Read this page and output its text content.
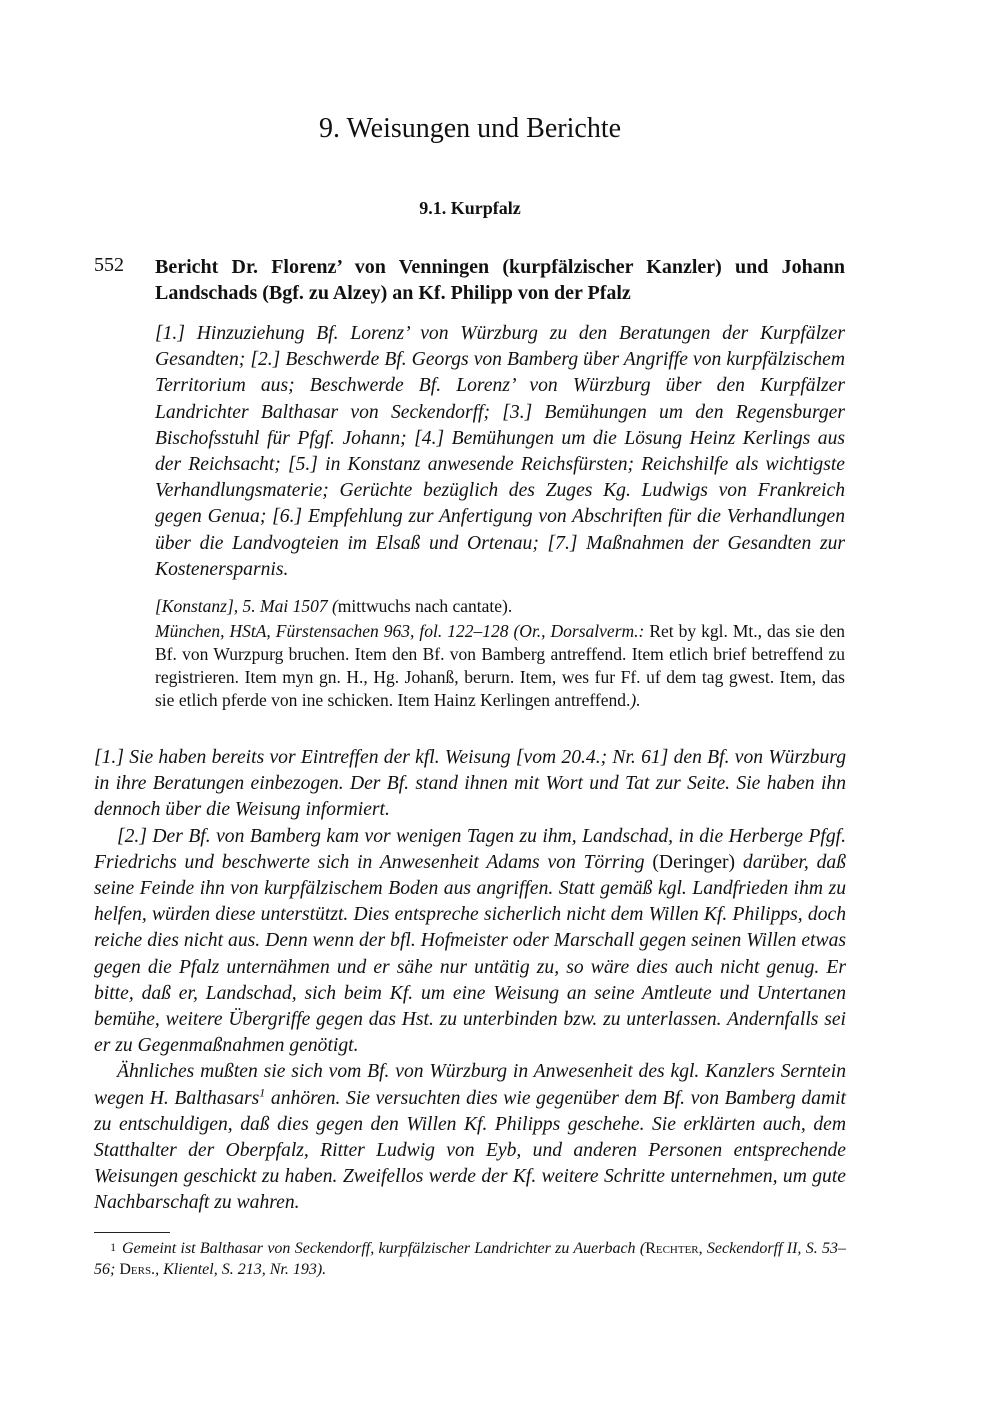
9. Weisungen und Berichte
9.1. Kurpfalz
552 Bericht Dr. Florenz’ von Venningen (kurpfälzischer Kanzler) und Johann Landschads (Bgf. zu Alzey) an Kf. Philipp von der Pfalz

[1.] Hinzuziehung Bf. Lorenz’ von Würzburg zu den Beratungen der Kurpfälzer Gesandten; [2.] Beschwerde Bf. Georgs von Bamberg über Angriffe von kurpfälzischem Territorium aus; Beschwerde Bf. Lorenz’ von Würzburg über den Kurpfälzer Landrichter Balthasar von Seckendorff; [3.] Bemühungen um den Regensburger Bischofsstuhl für Pfgf. Johann; [4.] Bemühungen um die Lösung Heinz Kerlings aus der Reichsacht; [5.] in Konstanz anwesende Reichsfürsten; Reichshilfe als wichtigste Verhandlungsmaterie; Gerüchte bezüglich des Zuges Kg. Ludwigs von Frankreich gegen Genua; [6.] Empfehlung zur Anfertigung von Abschriften für die Verhandlungen über die Landvogteien im Elsaß und Ortenau; [7.] Maßnahmen der Gesandten zur Kostenersparnis.

[Konstanz], 5. Mai 1507 (mittwuchs nach cantate).

München, HStA, Fürstensachen 963, fol. 122–128 (Or., Dorsalverm.: Ret by kgl. Mt., das sie den Bf. von Wurzpurg bruchen. Item den Bf. von Bamberg antreffend. Item etlich brief betreffend zu registrieren. Item myn gn. H., Hg. Johanß, berurn. Item, wes fur Ff. uf dem tag gwest. Item, das sie etlich pferde von ine schicken. Item Hainz Kerlingen antreffend.).

[1.] Sie haben bereits vor Eintreffen der kfl. Weisung [vom 20.4.; Nr. 61] den Bf. von Würzburg in ihre Beratungen einbezogen. Der Bf. stand ihnen mit Wort und Tat zur Seite. Sie haben ihn dennoch über die Weisung informiert.

[2.] Der Bf. von Bamberg kam vor wenigen Tagen zu ihm, Landschad, in die Herberge Pfgf. Friedrichs und beschwerte sich in Anwesenheit Adams von Törring (Deringer) darüber, daß seine Feinde ihn von kurpfälzischem Boden aus angriffen. Statt gemäß kgl. Landfrieden ihm zu helfen, würden diese unterstützt. Dies entspreche sicherlich nicht dem Willen Kf. Philipps, doch reiche dies nicht aus. Denn wenn der bfl. Hofmeister oder Marschall gegen seinen Willen etwas gegen die Pfalz unternähmen und er sähe nur untätig zu, so wäre dies auch nicht genug. Er bitte, daß er, Landschad, sich beim Kf. um eine Weisung an seine Amtleute und Untertanen bemühe, weitere Übergriffe gegen das Hst. zu unterbinden bzw. zu unterlassen. Andernfalls sei er zu Gegenmaßnahmen genötigt.

Ähnliches mußten sie sich vom Bf. von Würzburg in Anwesenheit des kgl. Kanzlers Serntein wegen H. Balthasars$^1$ anhören. Sie versuchten dies wie gegenüber dem Bf. von Bamberg damit zu entschuldigen, daß dies gegen den Willen Kf. Philipps geschehe. Sie erklärten auch, dem Statthalter der Oberpfalz, Ritter Ludwig von Eyb, und anderen Personen entsprechende Weisungen geschickt zu haben. Zweifellos werde der Kf. weitere Schritte unternehmen, um gute Nachbarschaft zu wahren.

1 Gemeint ist Balthasar von Seckendorff, kurpfälzischer Landrichter zu Auerbach (Rechter, Seckendorff II, S. 53–56; Ders., Klientel, S. 213, Nr. 193).
